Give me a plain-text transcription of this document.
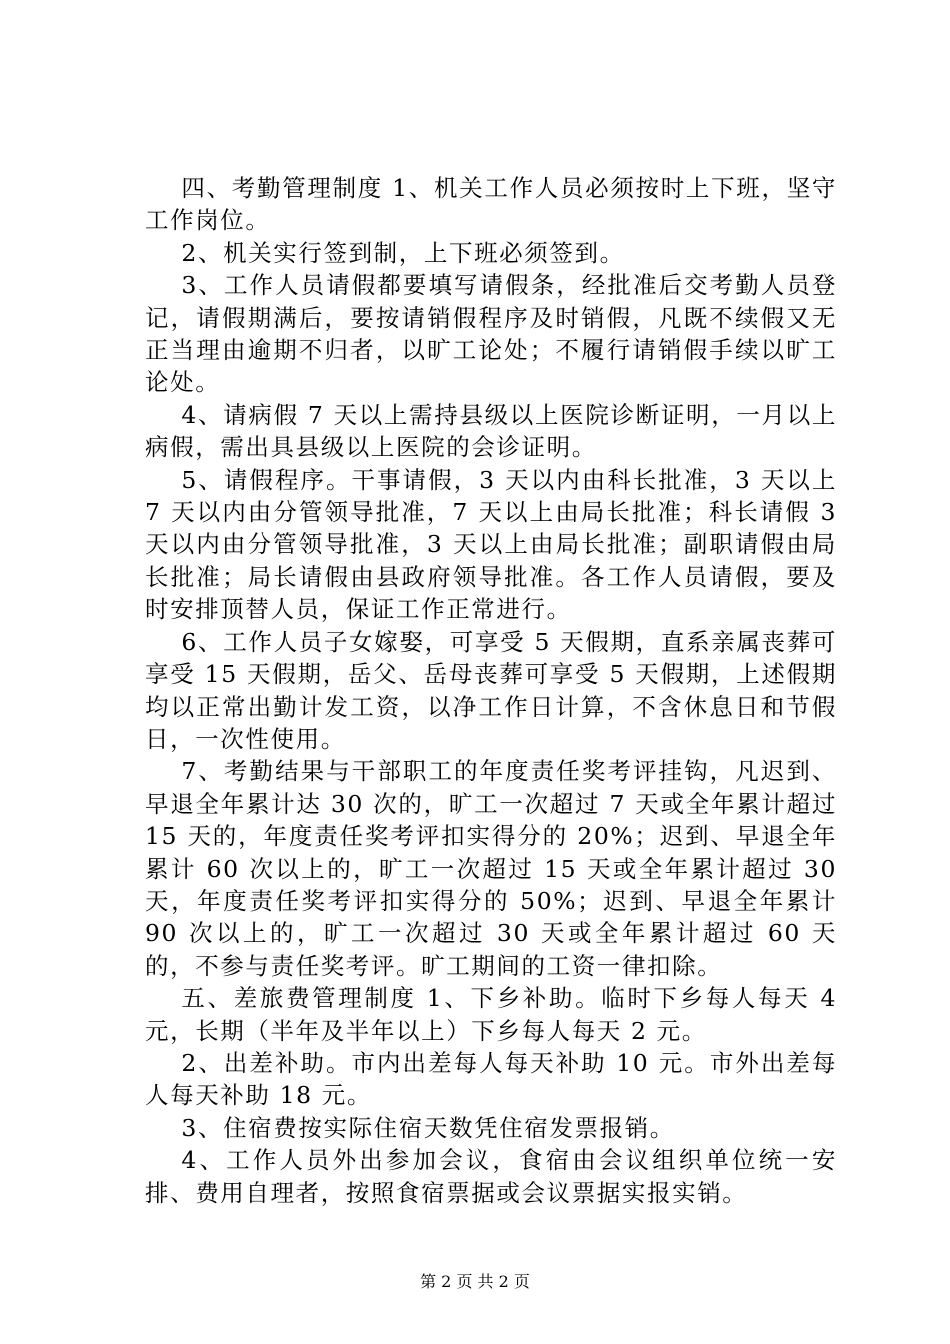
四、考勤管理制度 1、机关工作人员必须按时上下班，坚守工作岗位。

2、机关实行签到制，上下班必须签到。

3、工作人员请假都要填写请假条，经批准后交考勤人员登记，请假期满后，要按请销假程序及时销假，凡既不续假又无正当理由逾期不归者，以旷工论处；不履行请销假手续以旷工论处。

4、请病假 7 天以上需持县级以上医院诊断证明，一月以上病假，需出具县级以上医院的会诊证明。

5、请假程序。干事请假，3 天以内由科长批准，3 天以上 7 天以内由分管领导批准，7 天以上由局长批准；科长请假 3 天以内由分管领导批准，3 天以上由局长批准；副职请假由局长批准；局长请假由县政府领导批准。各工作人员请假，要及时安排顶替人员，保证工作正常进行。

6、工作人员子女嫁娶，可享受 5 天假期，直系亲属丧葬可享受 15 天假期，岳父、岳母丧葬可享受 5 天假期，上述假期均以正常出勤计发工资，以净工作日计算，不含休息日和节假日，一次性使用。

7、考勤结果与干部职工的年度责任奖考评挂钩，凡迟到、早退全年累计达 30 次的，旷工一次超过 7 天或全年累计超过 15 天的，年度责任奖考评扣实得分的 20%；迟到、早退全年累计 60 次以上的，旷工一次超过 15 天或全年累计超过 30 天，年度责任奖考评扣实得分的 50%；迟到、早退全年累计 90 次以上的，旷工一次超过 30 天或全年累计超过 60 天的，不参与责任奖考评。旷工期间的工资一律扣除。

五、差旅费管理制度 1、下乡补助。临时下乡每人每天 4 元，长期（半年及半年以上）下乡每人每天 2 元。

2、出差补助。市内出差每人每天补助 10 元。市外出差每人每天补助 18 元。

3、住宿费按实际住宿天数凭住宿发票报销。

4、工作人员外出参加会议，食宿由会议组织单位统一安排、费用自理者，按照食宿票据或会议票据实报实销。

第 2 页 共 2 页
